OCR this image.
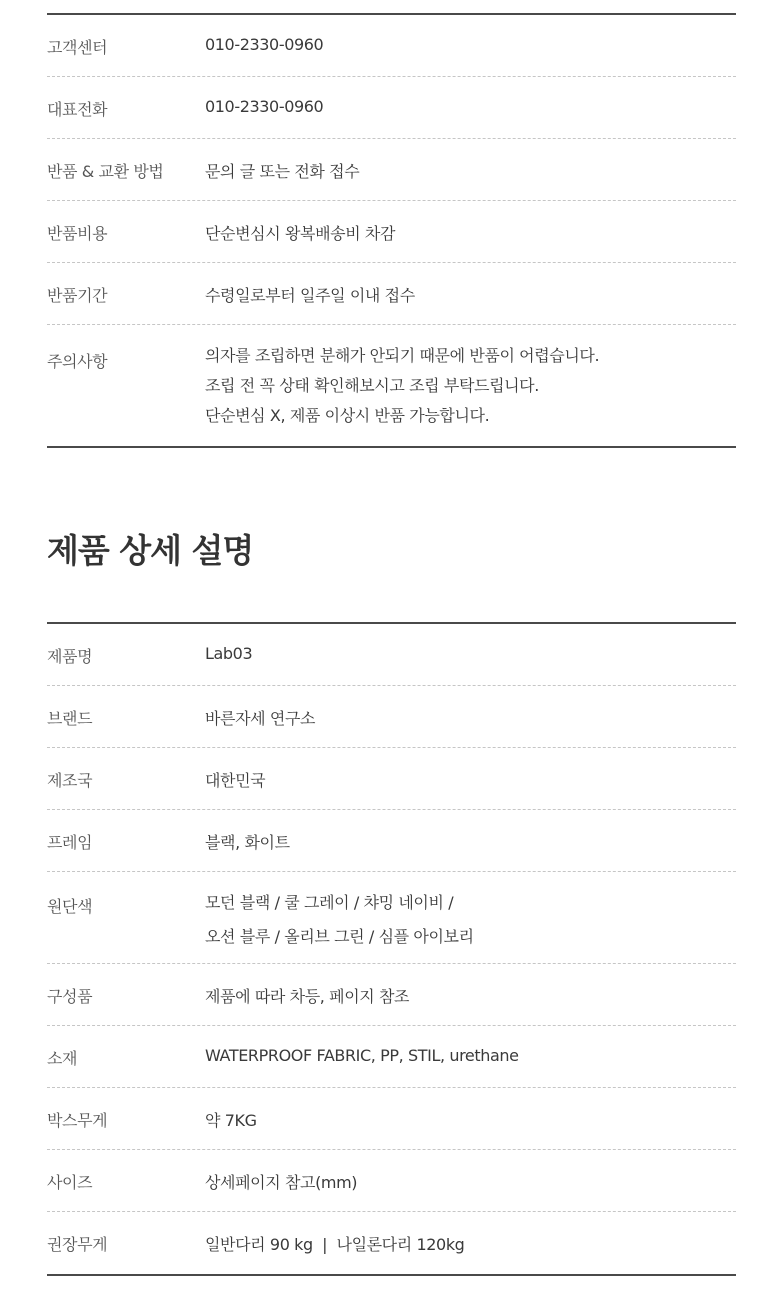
고객센터	010-2330-0960
대표전화	010-2330-0960
반품 & 교환 방법	문의 글 또는 전화 접수
반품비용	단순변심시 왕복배송비 차감
반품기간	수령일로부터 일주일 이내 접수
주의사항	의자를 조립하면 분해가 안되기 때문에 반품이 어렵습니다.
조립 전 꼭 상태 확인해보시고 조립 부탁드립니다.
단순변심 X, 제품 이상시 반품 가능합니다.
제품 상세 설명
제품명	Lab03
브랜드	바른자세 연구소
제조국	대한민국
프레임	블랙, 화이트
원단색	모던 블랙 / 쿨 그레이 / 챠밍 네이비 /
오션 블루 / 올리브 그린 / 심플 아이보리
구성품	제품에 따라 차등, 페이지 참조
소재	WATERPROOF FABRIC, PP, STIL, urethane
박스무게	약 7KG
사이즈	상세페이지 참고(mm)
권장무게	일반다리 90 kg  |  나일론다리 120kg
